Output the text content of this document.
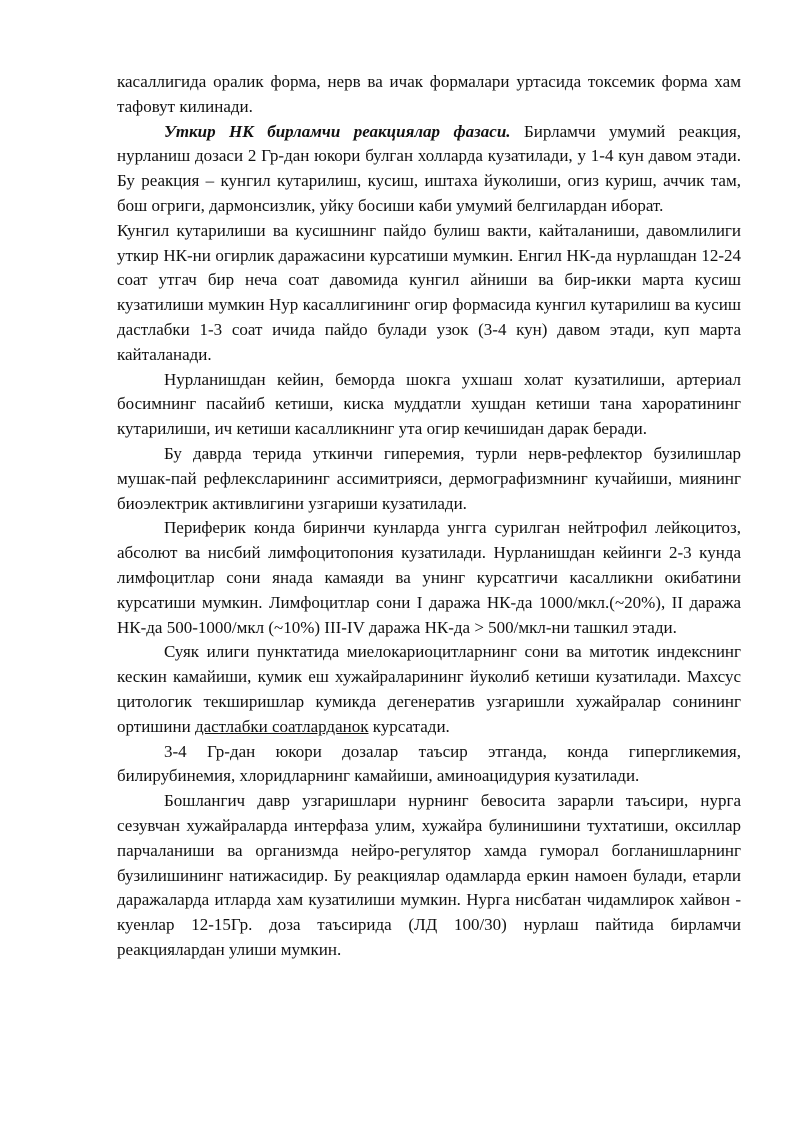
касаллигида оралик форма, нерв ва ичак формалари уртасида токсемик форма хам тафовут килинади.

Уткир НК бирламчи реакциялар фазаси. Бирламчи умумий реакция, нурланиш дозаси 2 Гр-дан юкори булган холларда кузатилади, у 1-4 кун давом этади. Бу реакция – кунгил кутарилиш, кусиш, иштаха йуколиши, огиз куриш, аччик там, бош огриги, дармонсизлик, уйку босиши каби умумий белгилардан иборат.

Кунгил кутарилиши ва кусишнинг пайдо булиш вакти, кайталаниши, давомлилиги уткир НК-ни огирлик даражасини курсатиши мумкин. Енгил НК-да нурлашдан 12-24 соат утгач бир неча соат давомида кунгил айниши ва бир-икки марта кусиш кузатилиши мумкин Нур касаллигининг огир формасида кунгил кутарилиш ва кусиш дастлабки 1-3 соат ичида пайдо булади узок (3-4 кун) давом этади, куп марта кайталанади.

Нурланишдан кейин, беморда шокга ухшаш холат кузатилиши, артериал босимнинг пасайиб кетиши, киска муддатли хушдан кетиши тана хароратининг кутарилиши, ич кетиши касалликнинг ута огир кечишидан дарак беради.

Бу даврда терида уткинчи гиперемия, турли нерв-рефлектор бузилишлар мушак-пай рефлексларининг ассимитрияси, дермографизмнинг кучайиши, миянинг биоэлектрик активлигини узгариши кузатилади.

Периферик конда биринчи кунларда унгга сурилган нейтрофил лейкоцитоз, абсолют ва нисбий лимфоцитопония кузатилади. Нурланишдан кейинги 2-3 кунда лимфоцитлар сони янада камаяди ва унинг курсатгичи касалликни окибатини курсатиши мумкин. Лимфоцитлар сони I даража НК-да 1000/мкл.(~20%), II даража НК-да 500-1000/мкл (~10%) III-IV даража НК-да > 500/мкл-ни ташкил этади.

Суяк илиги пунктатида миелокариоцитларнинг сони ва митотик индекснинг кескин камайиши, кумик еш хужайраларининг йуколиб кетиши кузатилади. Махсус цитологик текширишлар кумикда дегенератив узгаришли хужайралар сонининг ортишини дастлабки соатларданок курсатади.

3-4 Гр-дан юкори дозалар таъсир этганда, конда гипергликемия, билирубинемия, хлоридларнинг камайиши, аминоацидурия кузатилади.

Бошлангич давр узгаришлари нурнинг бевосита зарарли таъсири, нурга сезувчан хужайраларда интерфаза улим, хужайра булинишини тухтатиши, оксиллар парчаланиши ва организмда нейро-регулятор хамда гуморал богланишларнинг бузилишининг натижасидир. Бу реакциялар одамларда еркин намоен булади, етарли даражаларда итларда хам кузатилиши мумкин. Нурга нисбатан чидамлирок хайвон - куенлар 12-15Гр. доза таъсирида (ЛД 100/30) нурлаш пайтида бирламчи реакциялардан улиши мумкин.
